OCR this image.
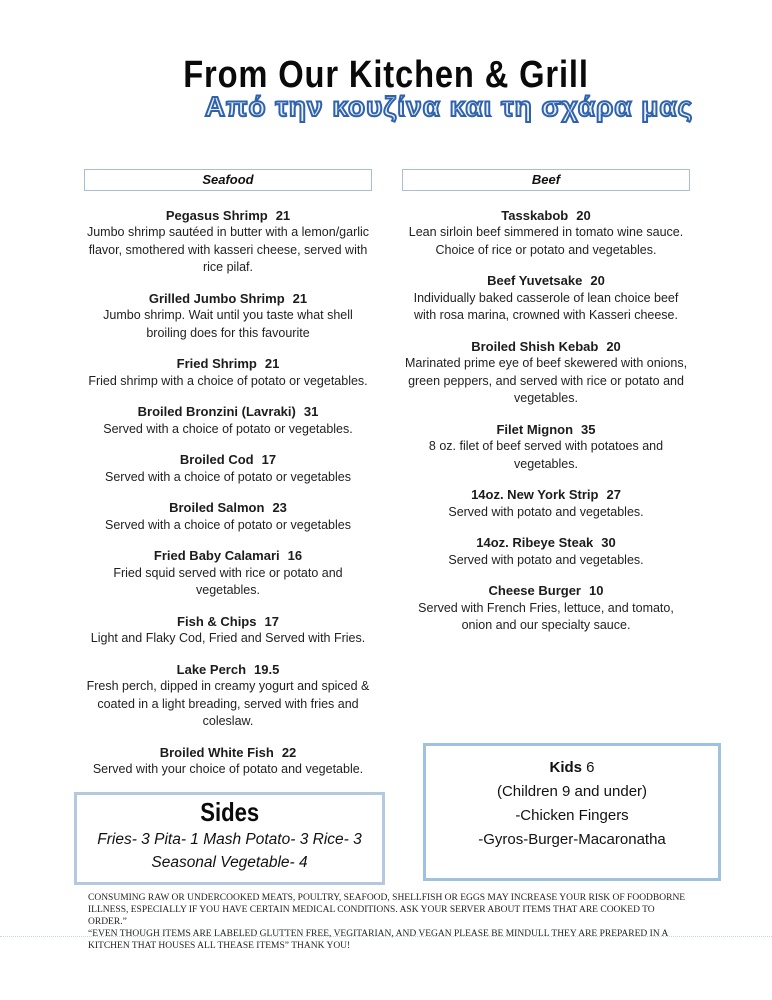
From Our Kitchen & Grill
Από την κουζίνα και τη σχάρα μας
Seafood
Pegasus Shrimp 21
Jumbo shrimp sautéed in butter with a lemon/garlic flavor, smothered with kasseri cheese, served with rice pilaf.
Grilled Jumbo Shrimp 21
Jumbo shrimp. Wait until you taste what shell broiling does for this favourite
Fried Shrimp 21
Fried shrimp with a choice of potato or vegetables.
Broiled Bronzini (Lavraki) 31
Served with a choice of potato or vegetables.
Broiled Cod 17
Served with a choice of potato or vegetables
Broiled Salmon 23
Served with a choice of potato or vegetables
Fried Baby Calamari 16
Fried squid served with rice or potato and vegetables.
Fish & Chips 17
Light and Flaky Cod, Fried and Served with Fries.
Lake Perch 19.5
Fresh perch, dipped in creamy yogurt and spiced & coated in a light breading, served with fries and coleslaw.
Broiled White Fish 22
Served with your choice of potato and vegetable.
Sides
Fries- 3 Pita- 1 Mash Potato- 3 Rice- 3
Seasonal Vegetable- 4
Beef
Tasskabob 20
Lean sirloin beef simmered in tomato wine sauce. Choice of rice or potato and vegetables.
Beef Yuvetsake 20
Individually baked casserole of lean choice beef with rosa marina, crowned with Kasseri cheese.
Broiled Shish Kebab 20
Marinated prime eye of beef skewered with onions, green peppers, and served with rice or potato and vegetables.
Filet Mignon 35
8 oz. filet of beef served with potatoes and vegetables.
14oz. New York Strip 27
Served with potato and vegetables.
14oz. Ribeye Steak 30
Served with potato and vegetables.
Cheese Burger 10
Served with French Fries, lettuce, and tomato, onion and our specialty sauce.
Kids 6
(Children 9 and under)
-Chicken Fingers
-Gyros-Burger-Macaronatha

CONSUMING RAW OR UNDERCOOKED MEATS, POULTRY, SEAFOOD, SHELLFISH OR EGGS MAY INCREASE YOUR RISK OF FOODBORNE ILLNESS, ESPECIALLY IF YOU HAVE CERTAIN MEDICAL CONDITIONS. ASK YOUR SERVER ABOUT ITEMS THAT ARE COOKED TO ORDER.”

“EVEN THOUGH ITEMS ARE LABELED GLUTTEN FREE, VEGITARIAN, AND VEGAN PLEASE BE MINDULL THEY ARE PREPARED IN A KITCHEN THAT HOUSES ALL THEASE ITEMS” THANK YOU!
